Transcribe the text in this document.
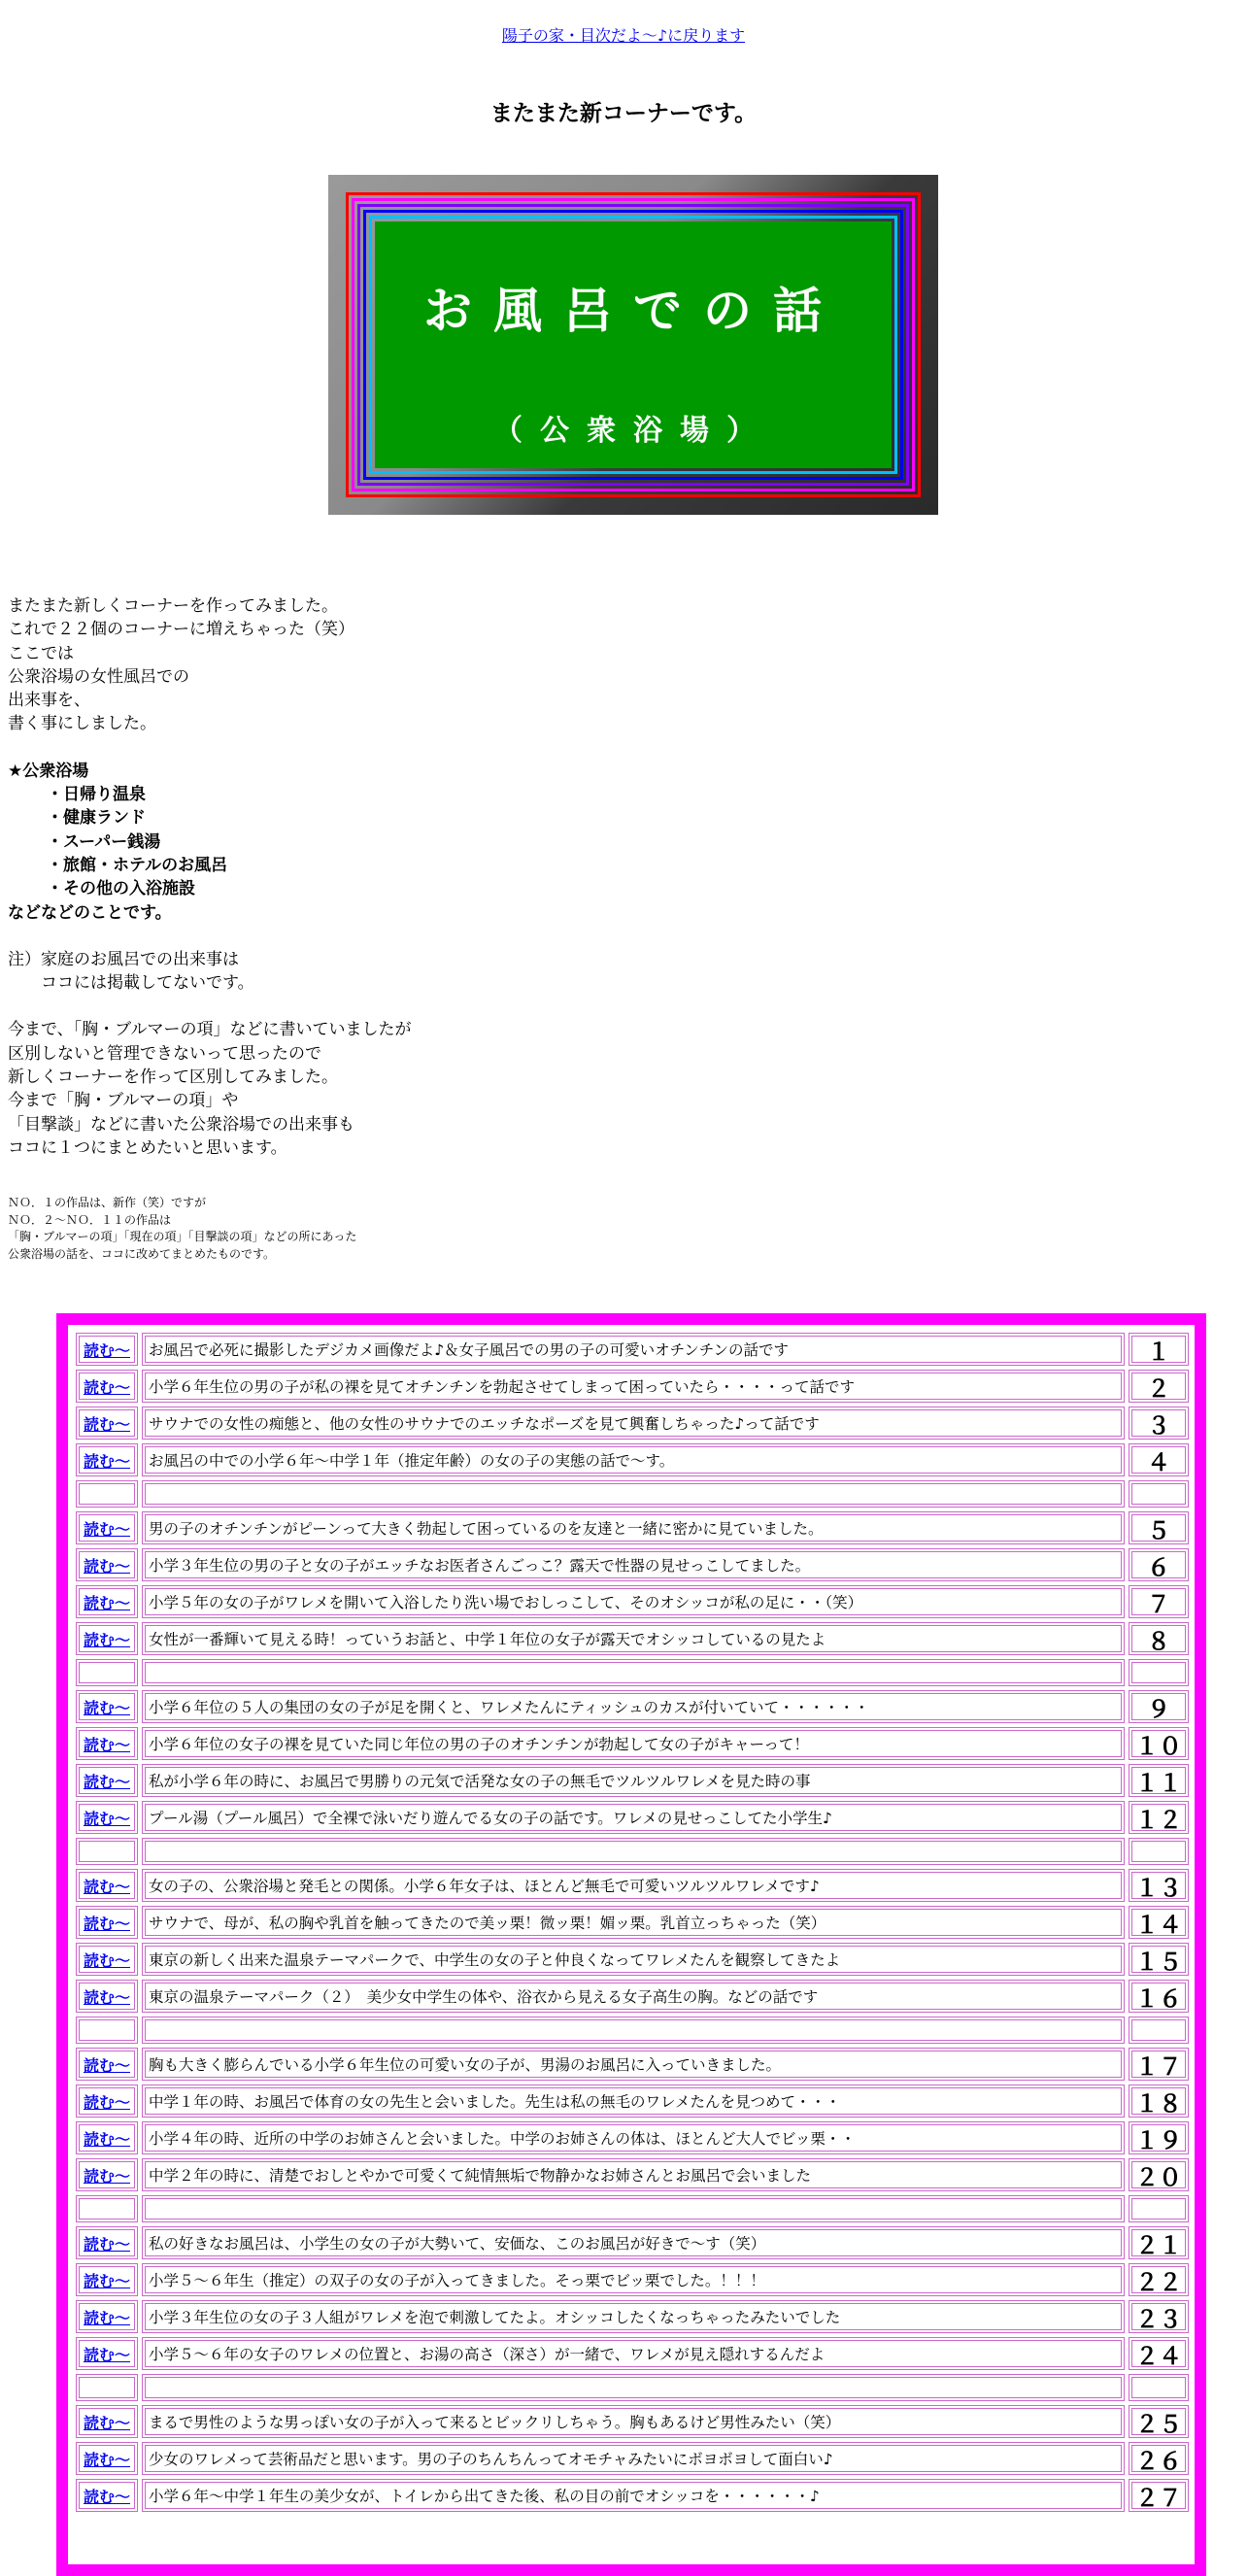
陽子の家・目次だよ～♪に戻ります
またまた新コーナーです。
お風呂での話
（公衆浴場）
またまた新しくコーナーを作ってみました。
これで２２個のコーナーに増えちゃった（笑）
ここでは
公衆浴場の女性風呂での
出来事を、
書く事にしました。
★公衆浴場
・日帰り温泉
・健康ランド
・スーパー銭湯
・旅館・ホテルのお風呂
・その他の入浴施設
などなどのことです。
注）家庭のお風呂での出来事は
　　ココには掲載してないです。
今まで、「胸・ブルマーの項」などに書いていましたが
区別しないと管理できないって思ったので
新しくコーナーを作って区別してみました。
今まで「胸・ブルマーの項」や
「目撃談」などに書いた公衆浴場での出来事も
ココに１つにまとめたいと思います。
ＮＯ．１の作品は、新作（笑）ですが
ＮＯ．２～ＮＯ．１１の作品は
「胸・ブルマーの項」「現在の項」「目撃談の項」などの所にあった
公衆浴場の話を、ココに改めてまとめたものです。
読む～	お風呂で必死に撮影したデジカメ画像だよ♪＆女子風呂での男の子の可愛いオチンチンの話です	１
読む～	小学６年生位の男の子が私の裸を見てオチンチンを勃起させてしまって困っていたら・・・・って話です	２
読む～	サウナでの女性の痴態と、他の女性のサウナでのエッチなポーズを見て興奮しちゃった♪って話です	３
読む～	お風呂の中での小学６年～中学１年（推定年齢）の女の子の実態の話で～す。	４
読む～	男の子のオチンチンがピーンって大きく勃起して困っているのを友達と一緒に密かに見ていました。	５
読む～	小学３年生位の男の子と女の子がエッチなお医者さんごっこ？露天で性器の見せっこしてました。	６
読む～	小学５年の女の子がワレメを開いて入浴したり洗い場でおしっこして、そのオシッコが私の足に・・（笑）	７
読む～	女性が一番輝いて見える時！っていうお話と、中学１年位の女子が露天でオシッコしているの見たよ	８
読む～	小学６年位の５人の集団の女の子が足を開くと、ワレメたんにティッシュのカスが付いていて・・・・・・	９
読む～	小学６年位の女子の裸を見ていた同じ年位の男の子のオチンチンが勃起して女の子がキャーって！	１０
読む～	私が小学６年の時に、お風呂で男勝りの元気で活発な女の子の無毛でツルツルワレメを見た時の事	１１
読む～	プール湯（プール風呂）で全裸で泳いだり遊んでる女の子の話です。ワレメの見せっこしてた小学生♪	１２
読む～	女の子の、公衆浴場と発毛との関係。小学６年女子は、ほとんど無毛で可愛いツルツルワレメです♪	１３
読む～	サウナで、母が、私の胸や乳首を触ってきたので美ッ栗！微ッ栗！媚ッ栗。乳首立っちゃった（笑）	１４
読む～	東京の新しく出来た温泉テーマパークで、中学生の女の子と仲良くなってワレメたんを観察してきたよ	１５
読む～	東京の温泉テーマパーク（２）　美少女中学生の体や、浴衣から見える女子高生の胸。などの話です	１６
読む～	胸も大きく膨らんでいる小学６年生位の可愛い女の子が、男湯のお風呂に入っていきました。	１７
読む～	中学１年の時、お風呂で体育の女の先生と会いました。先生は私の無毛のワレメたんを見つめて・・・	１８
読む～	小学４年の時、近所の中学のお姉さんと会いました。中学のお姉さんの体は、ほとんど大人でビッ栗・・	１９
読む～	中学２年の時に、清楚でおしとやかで可愛くて純情無垢で物静かなお姉さんとお風呂で会いました	２０
読む～	私の好きなお風呂は、小学生の女の子が大勢いて、安価な、このお風呂が好きで～す（笑）	２１
読む～	小学５～６年生（推定）の双子の女の子が入ってきました。そっ栗でビッ栗でした。！！！	２２
読む～	小学３年生位の女の子３人組がワレメを泡で刺激してたよ。オシッコしたくなっちゃったみたいでした	２３
読む～	小学５～６年の女子のワレメの位置と、お湯の高さ（深さ）が一緒で、ワレメが見え隠れするんだよ	２４
読む～	まるで男性のような男っぽい女の子が入って来るとビックリしちゃう。胸もあるけど男性みたい（笑）	２５
読む～	少女のワレメって芸術品だと思います。男の子のちんちんってオモチャみたいにボヨボヨして面白い♪	２６
読む～	小学６年～中学１年生の美少女が、トイレから出てきた後、私の目の前でオシッコを・・・・・・♪	２７
